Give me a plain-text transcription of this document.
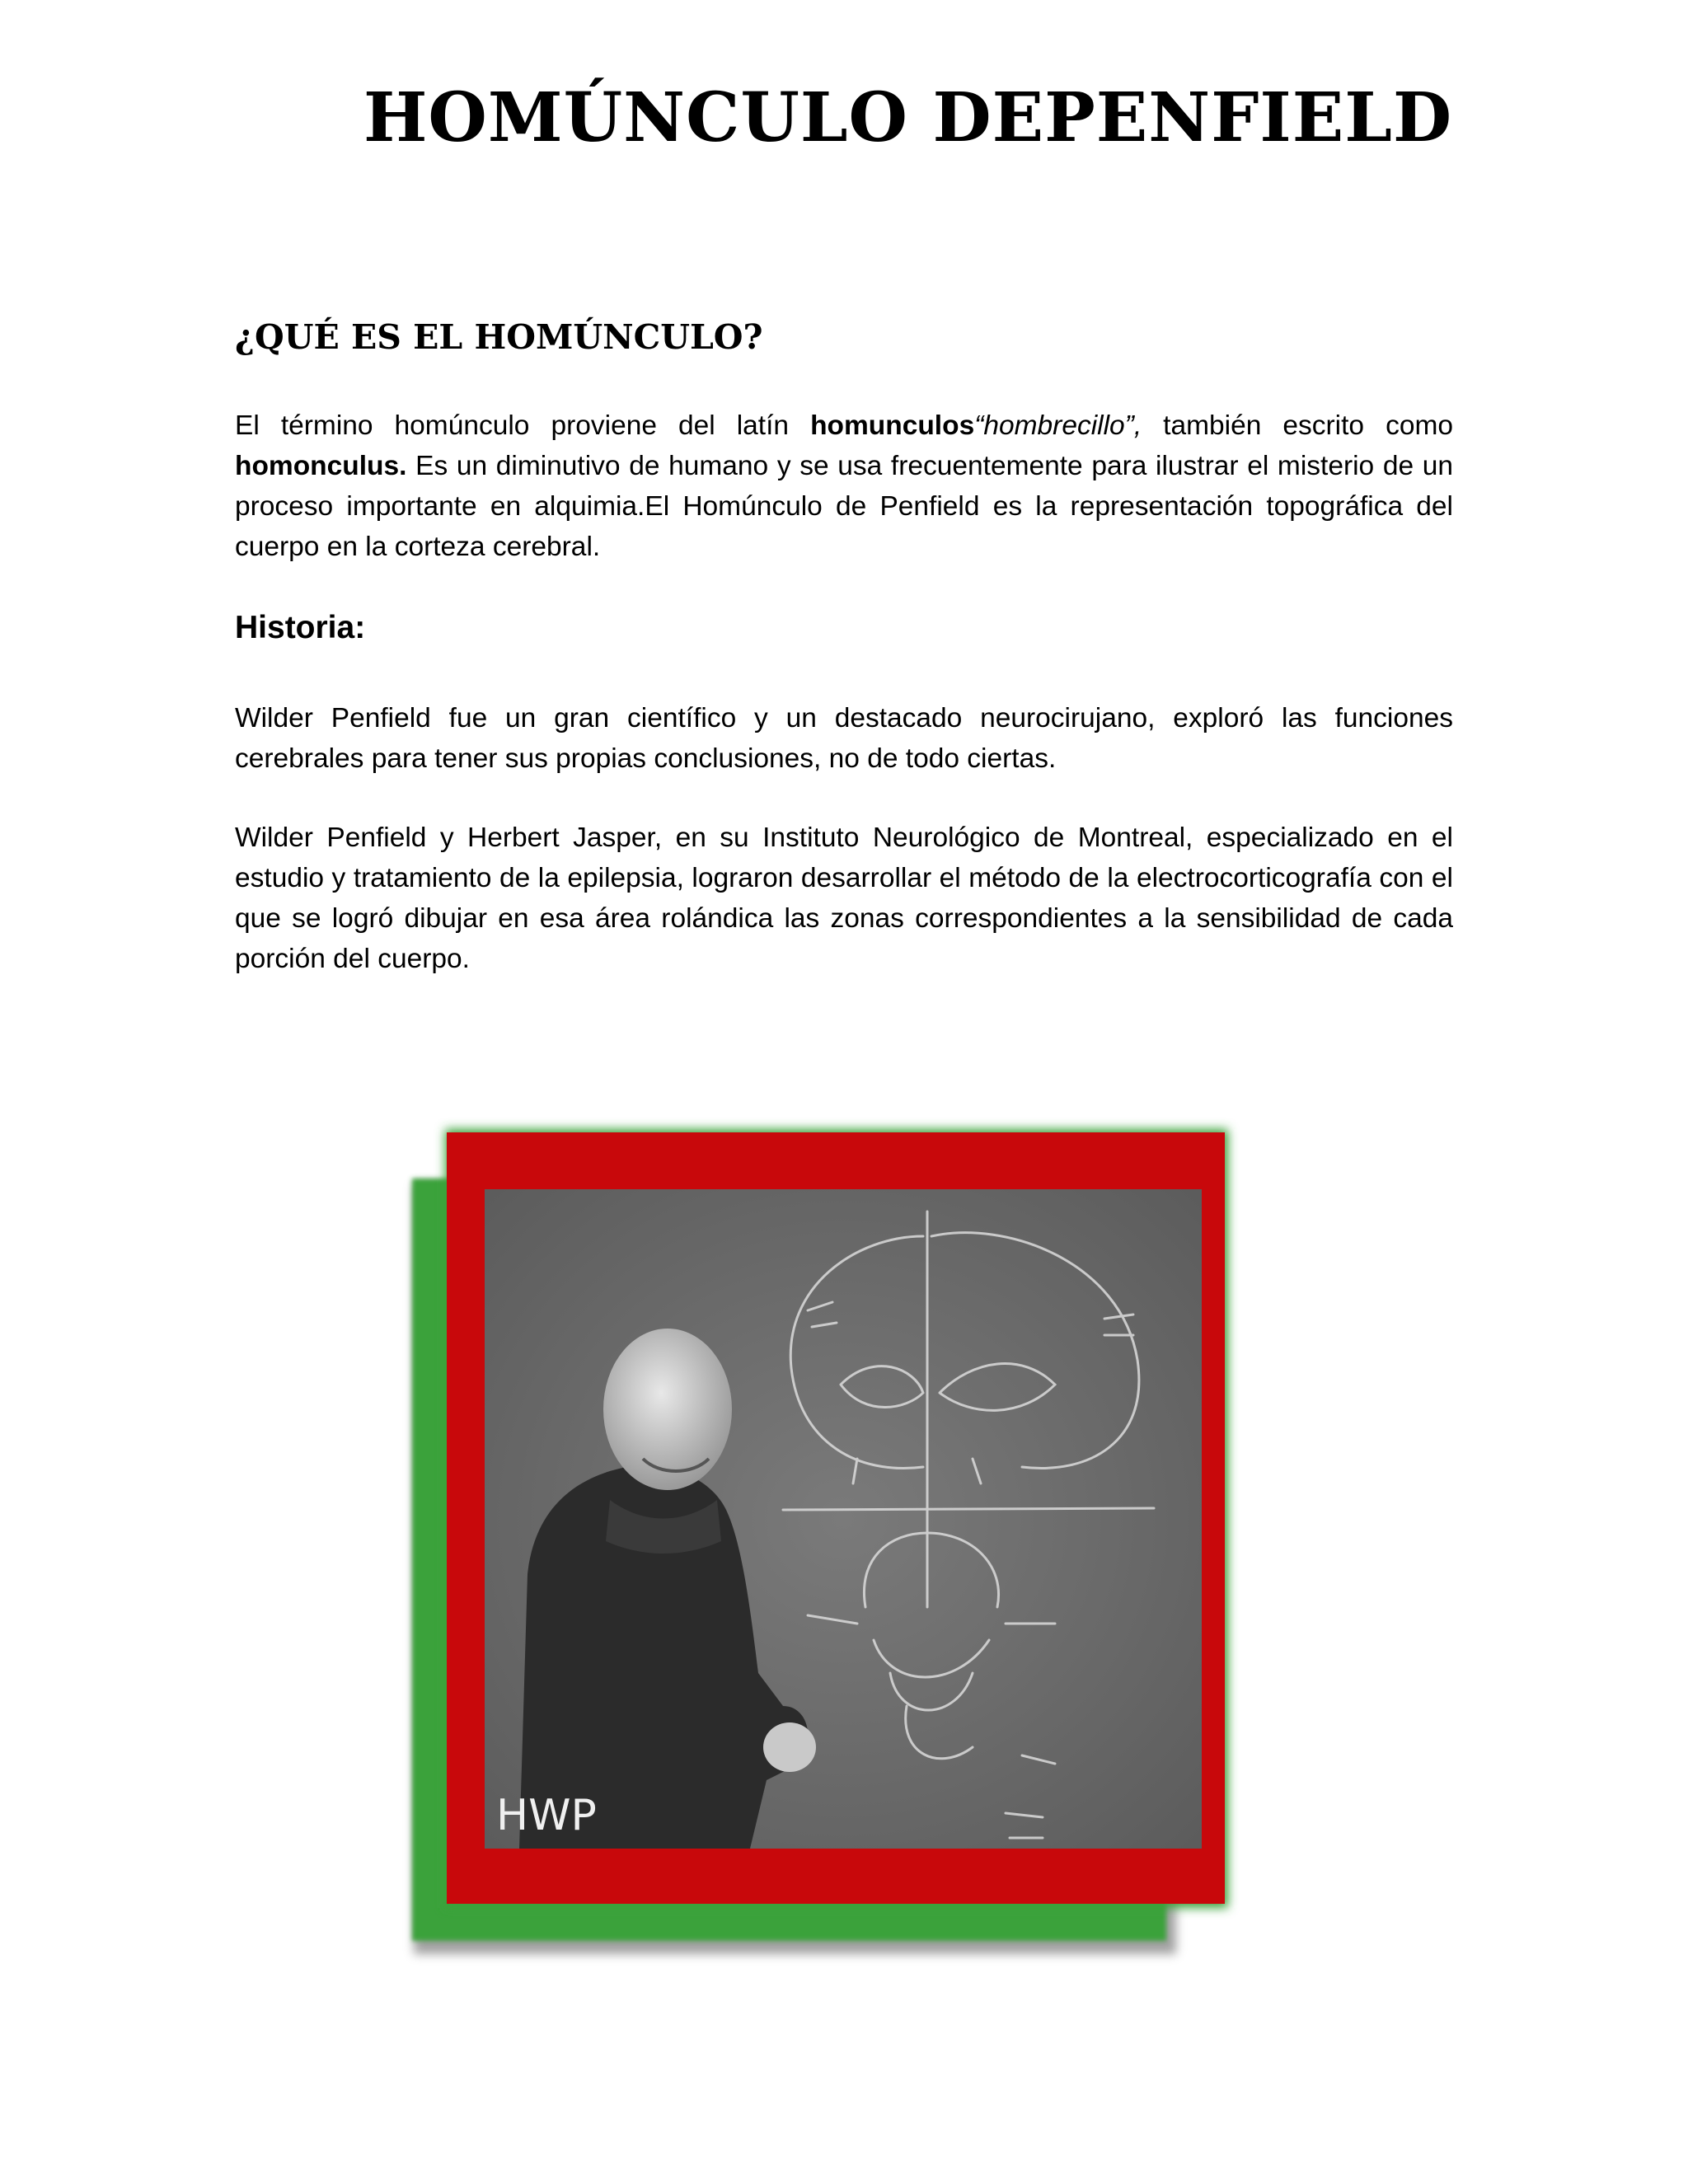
HOMÚNCULO DEPENFIELD
¿QUÉ ES EL HOMÚNCULO?

El término homúnculo proviene del latín homunculos“hombrecillo”, también escrito como homonculus. Es un diminutivo de humano y se usa frecuentemente para ilustrar el misterio de un proceso importante en alquimia.El Homúnculo de Penfield es la representación topográfica del cuerpo en la corteza cerebral.

Historia:

Wilder Penfield fue un gran científico y un destacado neurocirujano, exploró las funciones cerebrales para tener sus propias conclusiones, no de todo ciertas.

Wilder Penfield y Herbert Jasper, en su Instituto Neurológico de Montreal, especializado en el estudio y tratamiento de la epilepsia, lograron desarrollar el método de la electrocorticografía con el que se logró dibujar en esa área rolándica las zonas correspondientes a la sensibilidad de cada porción del cuerpo.

HWP
